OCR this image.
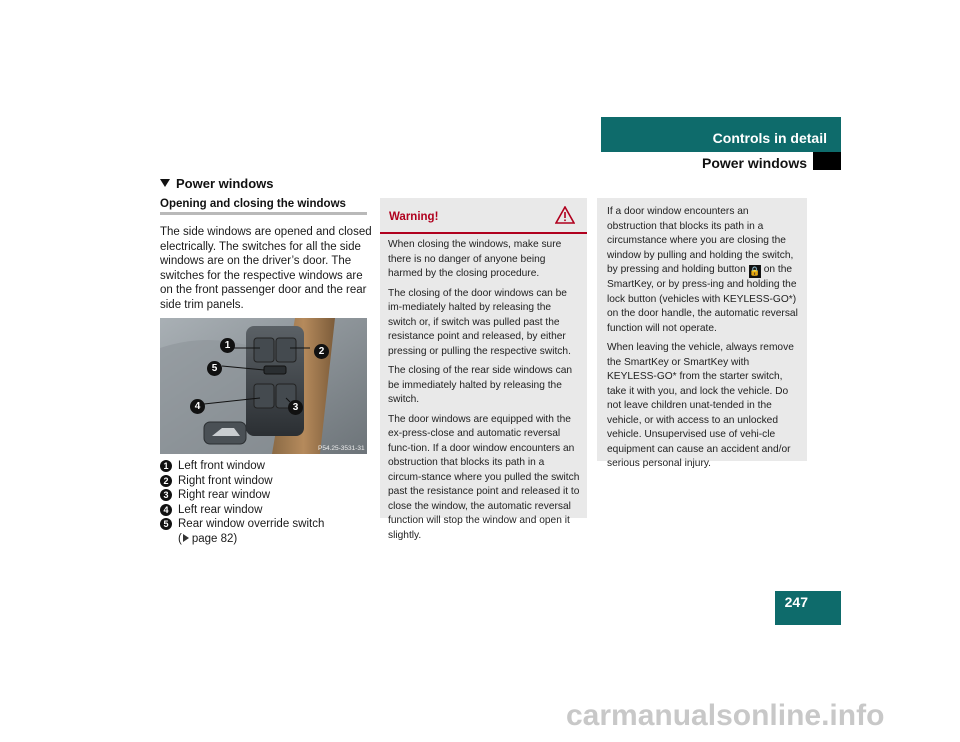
Controls in detail
Power windows
Power windows
Opening and closing the windows
The side windows are opened and closed electrically. The switches for all the side windows are on the driver’s door. The switches for the respective windows are on the front passenger door and the rear side trim panels.
1
2
5
4	3
P54.25-3531-31
1 Left front window
2 Right front window
3 Right rear window
4 Left rear window
5 Rear window override switch
( page 82)
Warning!

When closing the windows, make sure there is no danger of anyone being harmed by the closing procedure.

The closing of the door windows can be im-mediately halted by releasing the switch or, if switch was pulled past the resistance point and released, by either pressing or pulling the respective switch.

The closing of the rear side windows can be immediately halted by releasing the switch.

The door windows are equipped with the ex-press-close and automatic reversal func-tion. If a door window encounters an obstruction that blocks its path in a circum-stance where you pulled the switch past the resistance point and released it to close the window, the automatic reversal function will stop the window and open it slightly.

If a door window encounters an obstruction that blocks its path in a circumstance where you are closing the window by pulling and holding the switch, by pressing and holding button 🔒 on the SmartKey, or by press-ing and holding the lock button (vehicles with KEYLESS-GO*) on the door handle, the automatic reversal function will not operate.

When leaving the vehicle, always remove the SmartKey or SmartKey with KEYLESS-GO* from the starter switch, take it with you, and lock the vehicle. Do not leave children unat-tended in the vehicle, or with access to an unlocked vehicle. Unsupervised use of vehi-cle equipment can cause an accident and/or serious personal injury.

247
carmanualsonline.info
